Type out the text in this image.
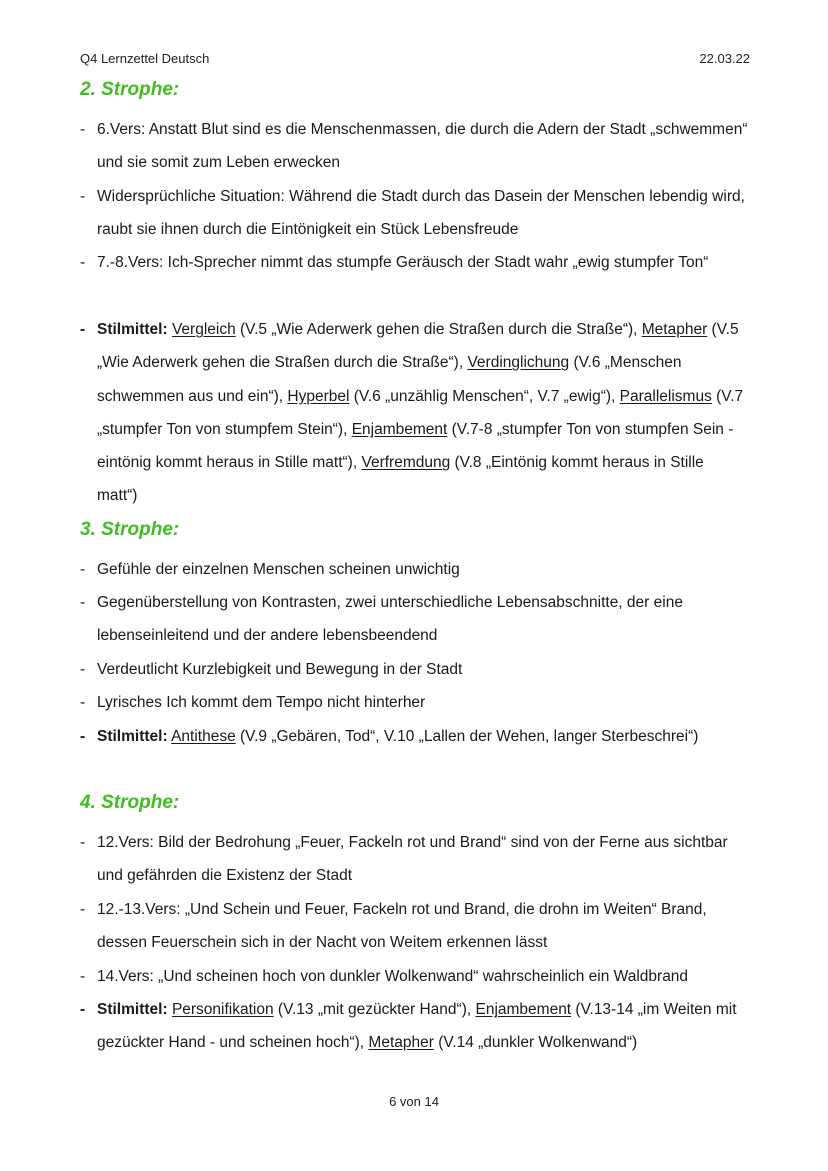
Q4 Lernzettel Deutsch	22.03.22
2. Strophe:
- 6.Vers: Anstatt Blut sind es die Menschenmassen, die durch die Adern der Stadt „schwemmen“ und sie somit zum Leben erwecken
- Widersprüchliche Situation: Während die Stadt durch das Dasein der Menschen lebendig wird, raubt sie ihnen durch die Eintönigkeit ein Stück Lebensfreude
- 7.-8.Vers: Ich-Sprecher nimmt das stumpfe Geräusch der Stadt wahr „ewig stumpfer Ton“
- Stilmittel: Vergleich (V.5 „Wie Aderwerk gehen die Straßen durch die Straße“), Metapher (V.5 „Wie Aderwerk gehen die Straßen durch die Straße“), Verdinglichung (V.6 „Menschen schwemmen aus und ein“), Hyperbel (V.6 „unzählig Menschen“, V.7 „ewig“), Parallelismus (V.7 „stumpfer Ton von stumpfem Stein“), Enjambement (V.7-8 „stumpfer Ton von stumpfen Sein - eintönig kommt heraus in Stille matt“), Verfremdung (V.8 „Eintönig kommt heraus in Stille matt“)
3. Strophe:
- Gefühle der einzelnen Menschen scheinen unwichtig
- Gegenüberstellung von Kontrasten, zwei unterschiedliche Lebensabschnitte, der eine lebenseinleitend und der andere lebensbeendend
- Verdeutlicht Kurzlebigkeit und Bewegung in der Stadt
- Lyrisches Ich kommt dem Tempo nicht hinterher
- Stilmittel: Antithese (V.9 „Gebären, Tod“, V.10 „Lallen der Wehen, langer Sterbeschrei“)
4. Strophe:
- 12.Vers: Bild der Bedrohung „Feuer, Fackeln rot und Brand“ sind von der Ferne aus sichtbar und gefährden die Existenz der Stadt
- 12.-13.Vers: „Und Schein und Feuer, Fackeln rot und Brand, die drohn im Weiten“ Brand, dessen Feuerschein sich in der Nacht von Weitem erkennen lässt
- 14.Vers: „Und scheinen hoch von dunkler Wolkenwand“ wahrscheinlich ein Waldbrand
- Stilmittel: Personifikation (V.13 „mit gezückter Hand“), Enjambement (V.13-14 „im Weiten mit gezückter Hand - und scheinen hoch“), Metapher (V.14 „dunkler Wolkenwand“)
6 von 14
